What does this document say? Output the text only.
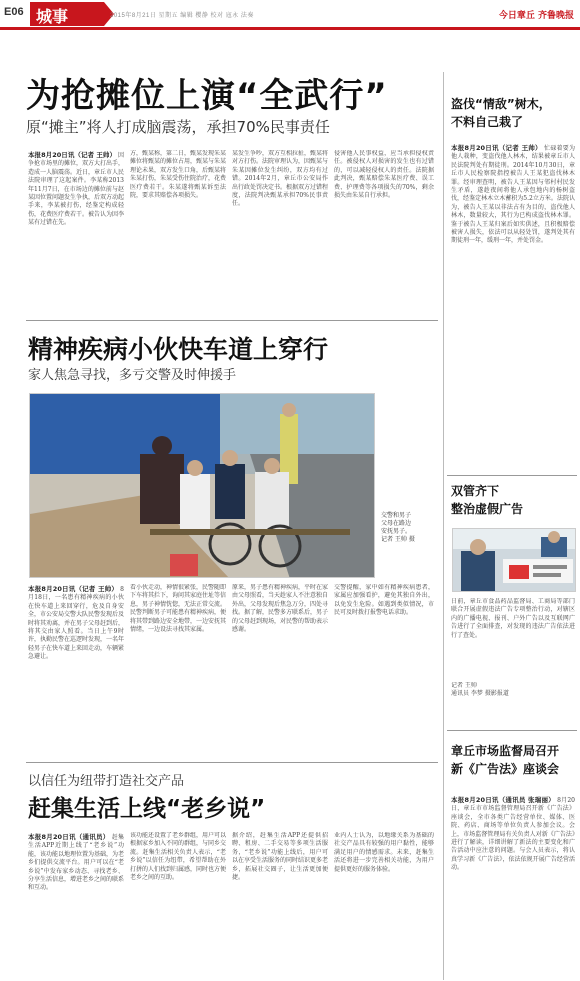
E06 城事	2015年8月21日 星期五 编辑 樱静 校对 寇永 法奏	今日章丘 齐鲁晚报
为抢摊位上演“全武行”
原“摊主”将人打成脑震荡，承担70%民事责任
本报8月20日讯（记者 王帅） 因争抢市场里的摊位，双方大打出手，造成一人脑震荡。近日，章丘市人民法院审理了这起案件。李某称2013年11月7日，在市场边的摊位前与赵某因位置问题发生争执，后双方动起手来，李某被打伤，经鉴定构成轻伤，花费医疗费若干。被告认为因李某有过错在先。
方，甄某称，第二日，甄某发现朱某摊位将甄某的摊位占用，甄某与朱某理论未果，双方发生口角，后甄某将朱某打伤，朱某受伤住院治疗，花费医疗费若干。朱某遂将甄某诉至法院，要求其赔偿各项损失。
某发生争吵，双方互相拉扯，甄某将对方打伤。法院审理认为，因甄某与朱某因摊位发生纠纷，双方均有过错。2014年2月，章丘市公安局作出行政处罚决定书。根据双方过错程度，法院判决甄某承担70%民事责任。
侵害他人民事权益，应当承担侵权责任。被侵权人对损害的发生也有过错的，可以减轻侵权人的责任。法院据此判决，甄某赔偿朱某医疗费、误工费、护理费等各项损失的70%，剩余损失由朱某自行承担。
盗伐“情敌”树木，
不料自己栽了
本报8月20日讯（记者 王帅） 忙碌着要为他人栽种，变盗伐他人林木，结果被章丘市人民法院判处有期徒刑。2014年10月30日，章丘市人民检察院指控被告人王某犯盗伐林木罪。经审理查明，被告人王某因与邻村村民发生矛盾，遂趁夜间将他人承包地内的杨树盗伐，经鉴定林木立木蓄积为5.2立方米。法院认为，被告人王某以非法占有为目的，盗伐他人林木，数量较大，其行为已构成盗伐林木罪。鉴于被告人王某归案后如实供述，且积极赔偿被害人损失，依法可以从轻处罚，遂判处其有期徒刑一年，缓刑一年，并处罚金。
双管齐下
整治虚假广告
日前，章丘市食品药品监督局、工商局等部门联合开展虚假违法广告专项整治行动，对辖区内的广播电视、报刊、户外广告以及互联网广告进行了全面排查，对发现的违法广告依法进行了查处。
记者 王帅
通讯员 李梦 摄影报道
章丘市场监督局召开
新《广告法》座谈会
本报8月20日讯（通讯员 张瑞丽） 8月20日，章丘市市场监督管理局召开新《广告法》座谈会，全市各类广告经营单位、媒体、医院、药店、商场等单位负责人参加会议。会上，市场监督管理局有关负责人对新《广告法》进行了解读，详细讲解了新法的主要变化和广告活动中应注意的问题。与会人员表示，将认真学习新《广告法》，依法依规开展广告经营活动。
精神疾病小伙快车道上穿行
家人焦急寻找，多亏交警及时伸援手
交警和男子父母在路边安抚男子。记者 王帅 摄
本报8月20日讯（记者 王帅） 8月18日，一名患有精神疾病的小伙在快车道上来回穿行，危及自身安全，市公安局交警大队民警发现后及时将其劝离，并在男子父母赶到后，将其交由家人照看。当日上午9时许，执勤民警在巡逻时发现，一名年轻男子在快车道上来回走动，车辆紧急避让。
看小伙走动，神情很紧张，民警随即下车将其拦下，询问其家庭住址等信息，男子神情恍惚，无法正常交流。民警判断男子可能患有精神疾病，便将其带到路边安全地带，一边安抚其情绪，一边设法寻找其家属。
原来，男子患有精神疾病，平时在家由父母照看，当天趁家人不注意独自外出，父母发现后焦急万分，四处寻找。据了解，民警多方联系后，男子的父母赶到现场，对民警的帮助表示感谢。
交警提醒，家中如有精神疾病患者，家属应加强看护，避免其独自外出，以免发生危险。如遇到类似情况，市民可及时拨打报警电话求助。
以信任为纽带打造社交产品
赶集生活上线“老乡说”
本报8月20日讯（通讯员） 赶集生活APP近期上线了“老乡说”功能，该功能以地理位置为基础，为老乡们提供交流平台。用户可以在“老乡说”中发布家乡动态、寻找老乡、分享生活信息，增进老乡之间的联系和互动。
该功能还设置了老乡群组，用户可以根据家乡加入不同的群组，与同乡交流。赶集生活相关负责人表示，“老乡说”以信任为纽带，希望帮助在外打拼的人们找到归属感，同时也方便老乡之间的互助。
据介绍，赶集生活APP还提供招聘、租房、二手交易等多项生活服务，“老乡说”功能上线后，用户可以在享受生活服务的同时结识更多老乡，拓展社交圈子，让生活更加便捷。
业内人士认为，以地缘关系为基础的社交产品具有较强的用户黏性，能够满足用户的情感需求。未来，赶集生活还将进一步完善相关功能，为用户提供更好的服务体验。
